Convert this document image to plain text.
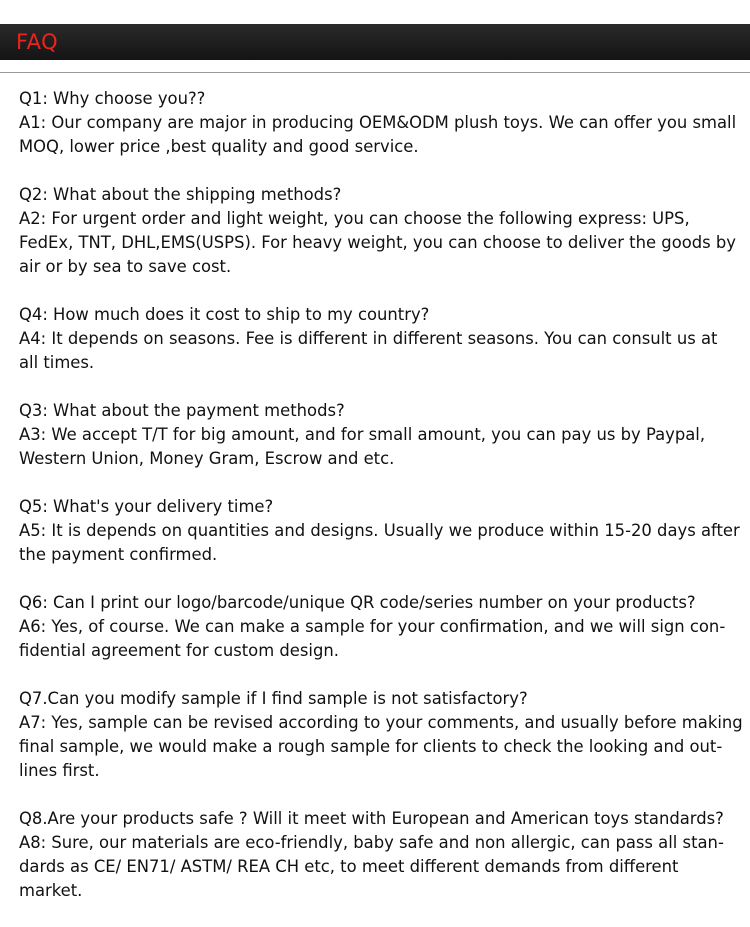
FAQ
Q1: Why choose you??
A1: Our company are major in producing OEM&ODM plush toys. We can offer you small
MOQ, lower price ,best quality and good service.
Q2: What about the shipping methods?
A2: For urgent order and light weight, you can choose the following express: UPS,
FedEx, TNT, DHL,EMS(USPS). For heavy weight, you can choose to deliver the goods by
air or by sea to save cost.
Q4: How much does it cost to ship to my country?
A4: It depends on seasons. Fee is different in different seasons. You can consult us at
all times.
Q3: What about the payment methods?
A3: We accept T/T for big amount, and for small amount, you can pay us by Paypal,
Western Union, Money Gram, Escrow and etc.
Q5: What's your delivery time?
A5: It is depends on quantities and designs. Usually we produce within 15-20 days after
the payment confirmed.
Q6: Can I print our logo/barcode/unique QR code/series number on your products?
A6: Yes, of course. We can make a sample for your confirmation, and we will sign con-
fidential agreement for custom design.
Q7.Can you modify sample if I find sample is not satisfactory?
A7: Yes, sample can be revised according to your comments, and usually before making
final sample, we would make a rough sample for clients to check the looking and out-
lines first.
Q8.Are your products safe ? Will it meet with European and American toys standards?
A8: Sure, our materials are eco-friendly, baby safe and non allergic, can pass all stan-
dards as CE/ EN71/ ASTM/ REA CH etc, to meet different demands from different
market.
